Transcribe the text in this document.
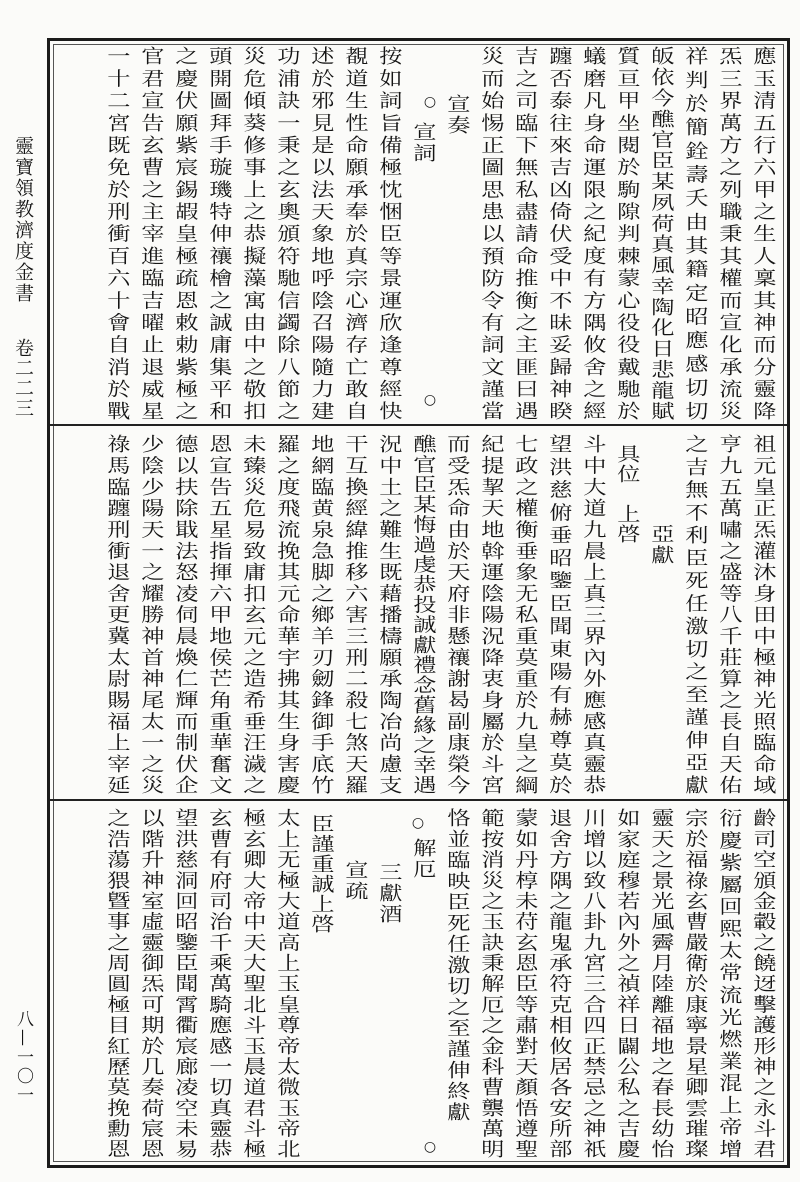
靈寶領教濟度金書
卷二二三
八—一〇一
應玉清五行六甲之生人稟其神而分靈降
炁三界萬方之列職秉其權而宣化承流災
祥判於簡銓壽夭由其籍定昭應感切切
皈依今醮官臣某夙荷真風幸陶化日悲龍賦
質亘甲坐閱於駒隙判棘蒙心役役戴馳於
蟻磨凡身命運限之紀度有方隅攸舍之經
躔否泰往來吉凶倚伏受中不昧妥歸神睽
吉之司臨下無私盡請命推衡之主匪曰遇
災而始惕正圖思患以預防令有詞文謹當
宣奏
宣詞
按如詞旨備極忱悃臣等景運欣逢尊經快
覩道生性命願承奉於真宗心濟存亡敢自
述於邪見是以法天象地呼陰召陽隨力建
功浦訣一秉之玄奧頒符馳信蠲除八節之
災危傾葵修事上之恭擬藻寓由中之敬扣
頭開圖拜手璇璣特伸禳檜之誠庸集平和
之慶伏願紫宸錫嘏皇極疏恩敕勅紫極之
官君宣告玄曹之主宰進臨吉曜止退威星
一十二宮既免於刑衝百六十會自消於戰
祖元皇正炁灌沐身田中極神光照臨命域
亨九五萬嘯之盛等八千莊算之長自天佑
之吉無不利臣死任激切之至謹伸亞獻
亞獻
具位　上啓
斗中大道九晨上真三界內外應感真靈恭
望洪慈俯垂昭鑒臣聞東陽有赫尊莫於
七政之權衡垂象无私重莫重於九皇之綱
紀提挈天地斡運陰陽況降衷身屬於斗宮
而受炁命由於天府非懸禳謝曷副康榮今
醮官臣某悔過虔恭投誠獻禮念舊緣之幸遇
況中土之難生既藉播檮願承陶冶尚慮支
干互換經緯推移六害三刑二殺七煞天羅
地網臨黄泉急脚之鄉羊刃劒鋒御手底竹
羅之度飛流挽其元命華宇拂其生身害慶
未臻災危易致庸扣玄元之造希垂汪濊之
恩宣告五星指揮六甲地侯芒角重華奮文
德以扶除戢法怒凌伺晨煥仁輝而制伏企
少陰少陽天一之耀勝神首神尾太一之災
祿馬臨躔刑衝退舍更冀太尉賜福上宰延
齡司空頒金轂之饒迓擊護形神之永斗君
衍慶紫屬回熙太常流光燃業混上帝增
宗於福祿玄曹嚴衛於康寧景星卿雲璀璨
靈天之景光風霽月陸離福地之春長幼怡
如家庭穆若內外之禎祥日闢公私之吉慶
川增以致八卦九宮三合四正禁忌之神祇
退舍方隅之龍鬼承符克相攸居各安所部
蒙如丹椁未苻玄恩臣等肅對天顏悟遵聖
範按消災之玉訣秉解厄之金科曹龒萬明
恪並臨映臣死任激切之至謹伸終獻
解厄
三獻酒
宣疏
臣謹重誠上啓
太上无極大道高上玉皇尊帝太微玉帝北
極玄卿大帝中天大聖北斗玉晨道君斗極
玄曹有府司治千乘萬騎應感一切真靈恭
望洪慈洞回昭鑒臣聞霄衢宸廊凌空未易
以階升神室虛靈御炁可期於几奏荷宸恩
之浩蕩猥曁事之周圓極目紅歷莫挽勳恩
○
○
○
○
